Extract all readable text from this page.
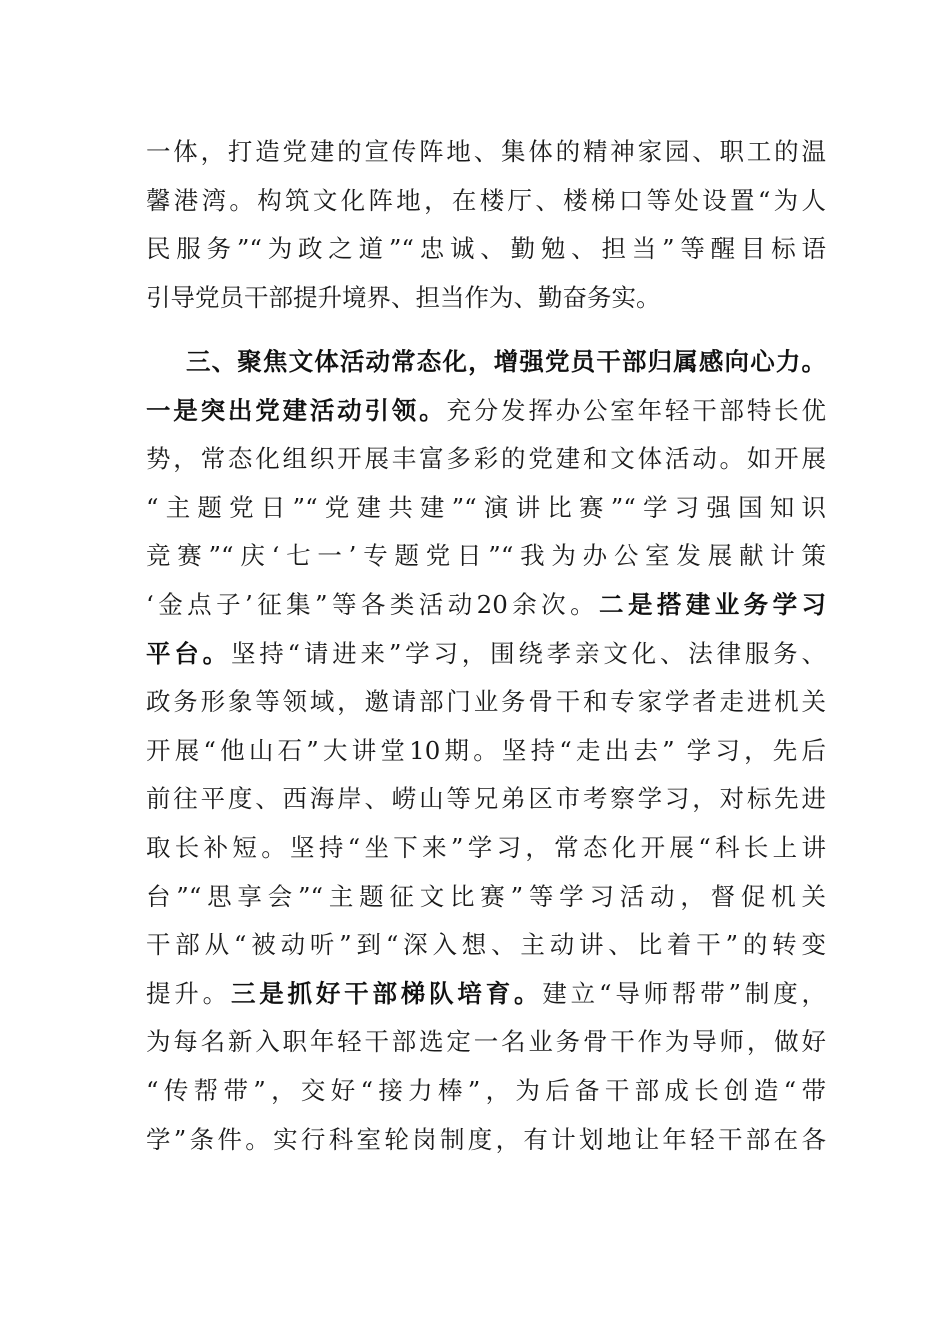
一体，打造党建的宣传阵地、集体的精神家园、职工的温
馨港湾。构筑文化阵地，在楼厅、楼梯口等处设置“为人
民服务”“为政之道”“忠诚、勤勉、担当”等醒目标语
引导党员干部提升境界、担当作为、勤奋务实。
三、聚焦文体活动常态化，增强党员干部归属感向心力。
一是突出党建活动引领。充分发挥办公室年轻干部特长优
势，常态化组织开展丰富多彩的党建和文体活动。如开展
“主题党日”“党建共建”“演讲比赛”“学习强国知识
竞赛”“庆‘七一’专题党日”“我为办公室发展献计策
‘金点子’征集”等各类活动20余次。二是搭建业务学习
平台。坚持“请进来”学习，围绕孝亲文化、法律服务、
政务形象等领域，邀请部门业务骨干和专家学者走进机关
开展“他山石”大讲堂10期。坚持“走出去” 学习，先后
前往平度、西海岸、崂山等兄弟区市考察学习，对标先进
取长补短。坚持“坐下来”学习，常态化开展“科长上讲
台”“思享会”“主题征文比赛”等学习活动，督促机关
干部从“被动听”到“深入想、主动讲、比着干”的转变
提升。三是抓好干部梯队培育。建立“导师帮带”制度，
为每名新入职年轻干部选定一名业务骨干作为导师，做好
“传帮带”，交好“接力棒”，为后备干部成长创造“带
学”条件。实行科室轮岗制度，有计划地让年轻干部在各
